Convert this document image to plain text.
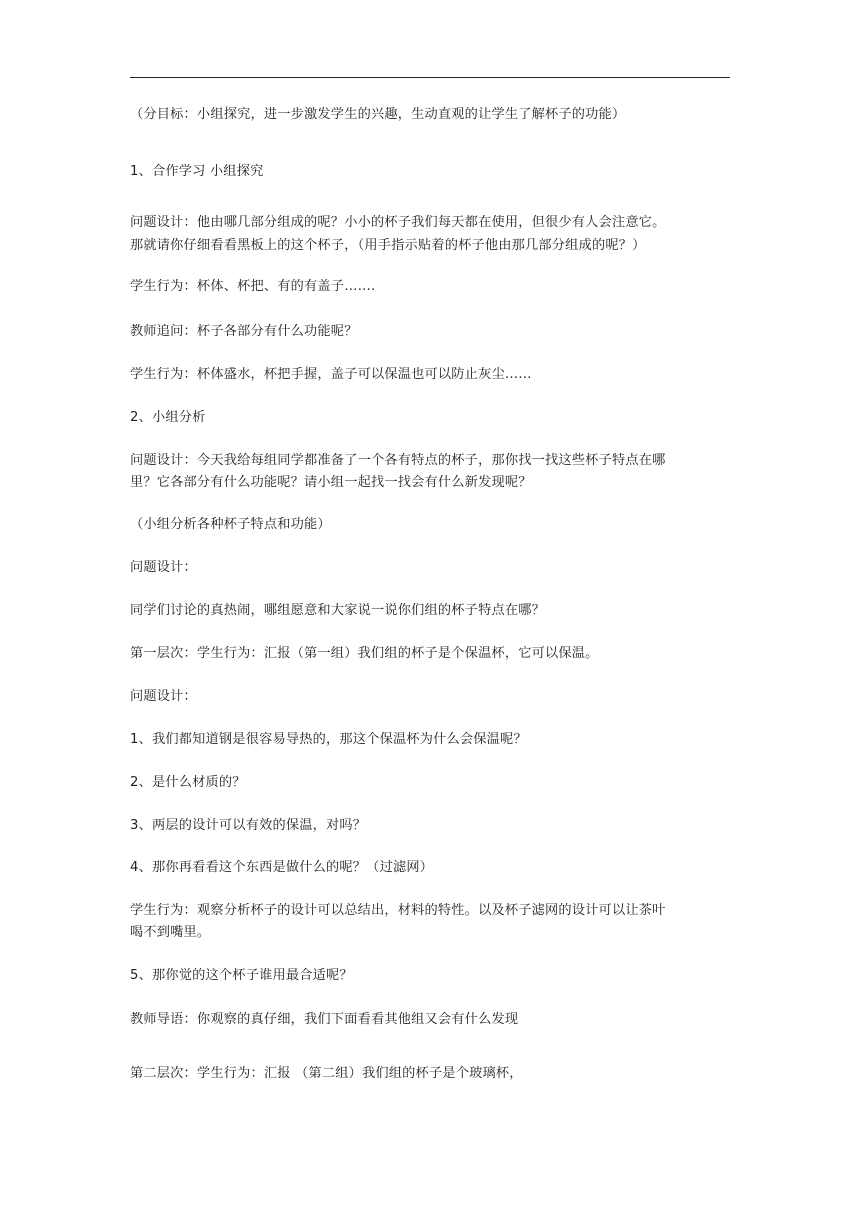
（分目标：小组探究，进一步激发学生的兴趣，生动直观的让学生了解杯子的功能）
1、合作学习 小组探究
问题设计：他由哪几部分组成的呢？小小的杯子我们每天都在使用，但很少有人会注意它。
那就请你仔细看看黑板上的这个杯子，（用手指示贴着的杯子他由那几部分组成的呢？）
学生行为：杯体、杯把、有的有盖子…….
教师追问：杯子各部分有什么功能呢？
学生行为：杯体盛水，杯把手握，盖子可以保温也可以防止灰尘……
2、小组分析
问题设计：今天我给每组同学都准备了一个各有特点的杯子，那你找一找这些杯子特点在哪
里？它各部分有什么功能呢？请小组一起找一找会有什么新发现呢？
（小组分析各种杯子特点和功能）
问题设计：
同学们讨论的真热闹，哪组愿意和大家说一说你们组的杯子特点在哪？
第一层次：学生行为：汇报（第一组）我们组的杯子是个保温杯，它可以保温。
问题设计：
1、我们都知道钢是很容易导热的，那这个保温杯为什么会保温呢？
2、是什么材质的？
3、两层的设计可以有效的保温，对吗？
4、那你再看看这个东西是做什么的呢？（过滤网）
学生行为：观察分析杯子的设计可以总结出，材料的特性。以及杯子滤网的设计可以让茶叶
喝不到嘴里。
5、那你觉的这个杯子谁用最合适呢？
教师导语：你观察的真仔细，我们下面看看其他组又会有什么发现
第二层次：学生行为：汇报 （第二组）我们组的杯子是个玻璃杯，
